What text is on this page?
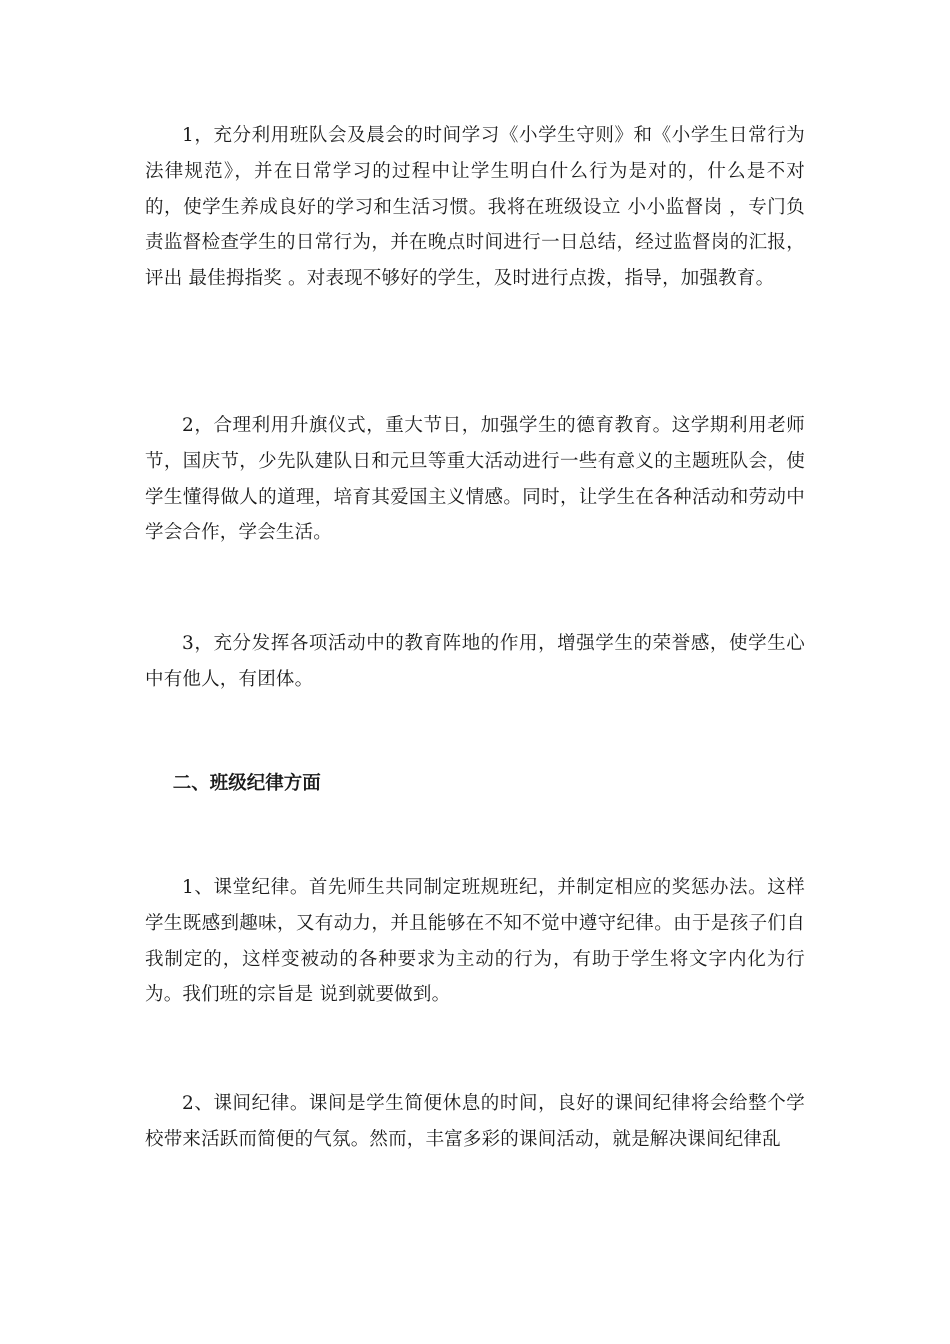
1，充分利用班队会及晨会的时间学习《小学生守则》和《小学生日常行为法律规范》，并在日常学习的过程中让学生明白什么行为是对的，什么是不对的，使学生养成良好的学习和生活习惯。我将在班级设立 小小监督岗 ，专门负责监督检查学生的日常行为，并在晚点时间进行一日总结，经过监督岗的汇报，评出 最佳拇指奖 。对表现不够好的学生，及时进行点拨，指导，加强教育。

2，合理利用升旗仪式，重大节日，加强学生的德育教育。这学期利用老师节，国庆节，少先队建队日和元旦等重大活动进行一些有意义的主题班队会，使学生懂得做人的道理，培育其爱国主义情感。同时，让学生在各种活动和劳动中学会合作，学会生活。

3，充分发挥各项活动中的教育阵地的作用，增强学生的荣誉感，使学生心中有他人，有团体。

二、班级纪律方面

1、课堂纪律。首先师生共同制定班规班纪，并制定相应的奖惩办法。这样学生既感到趣味，又有动力，并且能够在不知不觉中遵守纪律。由于是孩子们自我制定的，这样变被动的各种要求为主动的行为，有助于学生将文字内化为行为。我们班的宗旨是 说到就要做到。

2、课间纪律。课间是学生简便休息的时间，良好的课间纪律将会给整个学校带来活跃而简便的气氛。然而，丰富多彩的课间活动，就是解决课间纪律乱
